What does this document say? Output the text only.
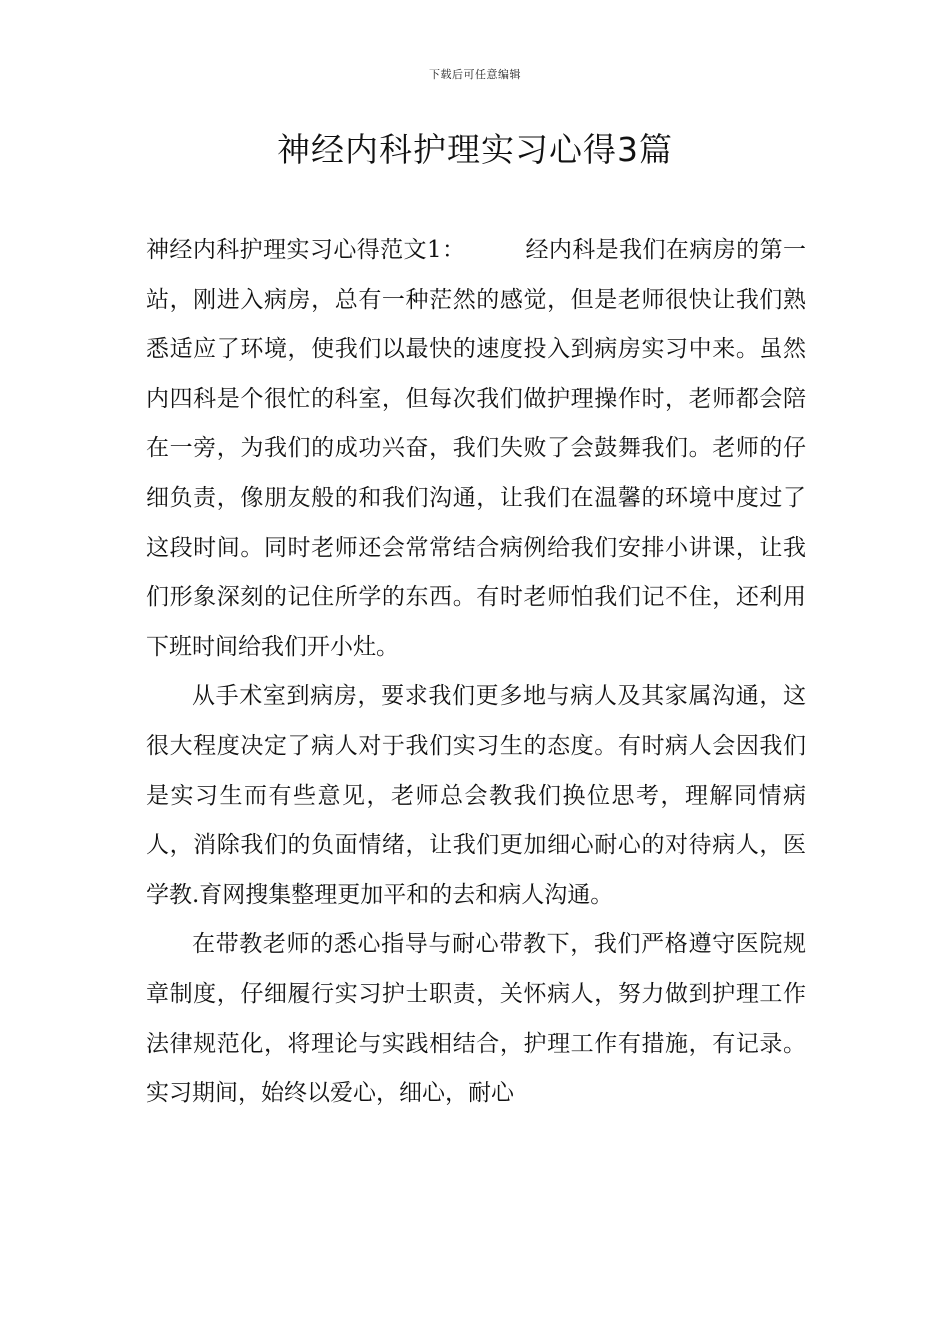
下载后可任意编辑
神经内科护理实习心得3篇

神经内科护理实习心得范文1：	经内科是我们在病房的第一站，刚进入病房，总有一种茫然的感觉，但是老师很快让我们熟悉适应了环境，使我们以最快的速度投入到病房实习中来。虽然内四科是个很忙的科室，但每次我们做护理操作时，老师都会陪在一旁，为我们的成功兴奋，我们失败了会鼓舞我们。老师的仔细负责，像朋友般的和我们沟通，让我们在温馨的环境中度过了这段时间。同时老师还会常常结合病例给我们安排小讲课，让我们形象深刻的记住所学的东西。有时老师怕我们记不住，还利用下班时间给我们开小灶。

从手术室到病房，要求我们更多地与病人及其家属沟通，这很大程度决定了病人对于我们实习生的态度。有时病人会因我们是实习生而有些意见，老师总会教我们换位思考，理解同情病人，消除我们的负面情绪，让我们更加细心耐心的对待病人，医学教.育网搜集整理更加平和的去和病人沟通。

在带教老师的悉心指导与耐心带教下，我们严格遵守医院规章制度，仔细履行实习护士职责，关怀病人，努力做到护理工作法律规范化，将理论与实践相结合，护理工作有措施，有记录。实习期间，始终以爱心，细心，耐心
